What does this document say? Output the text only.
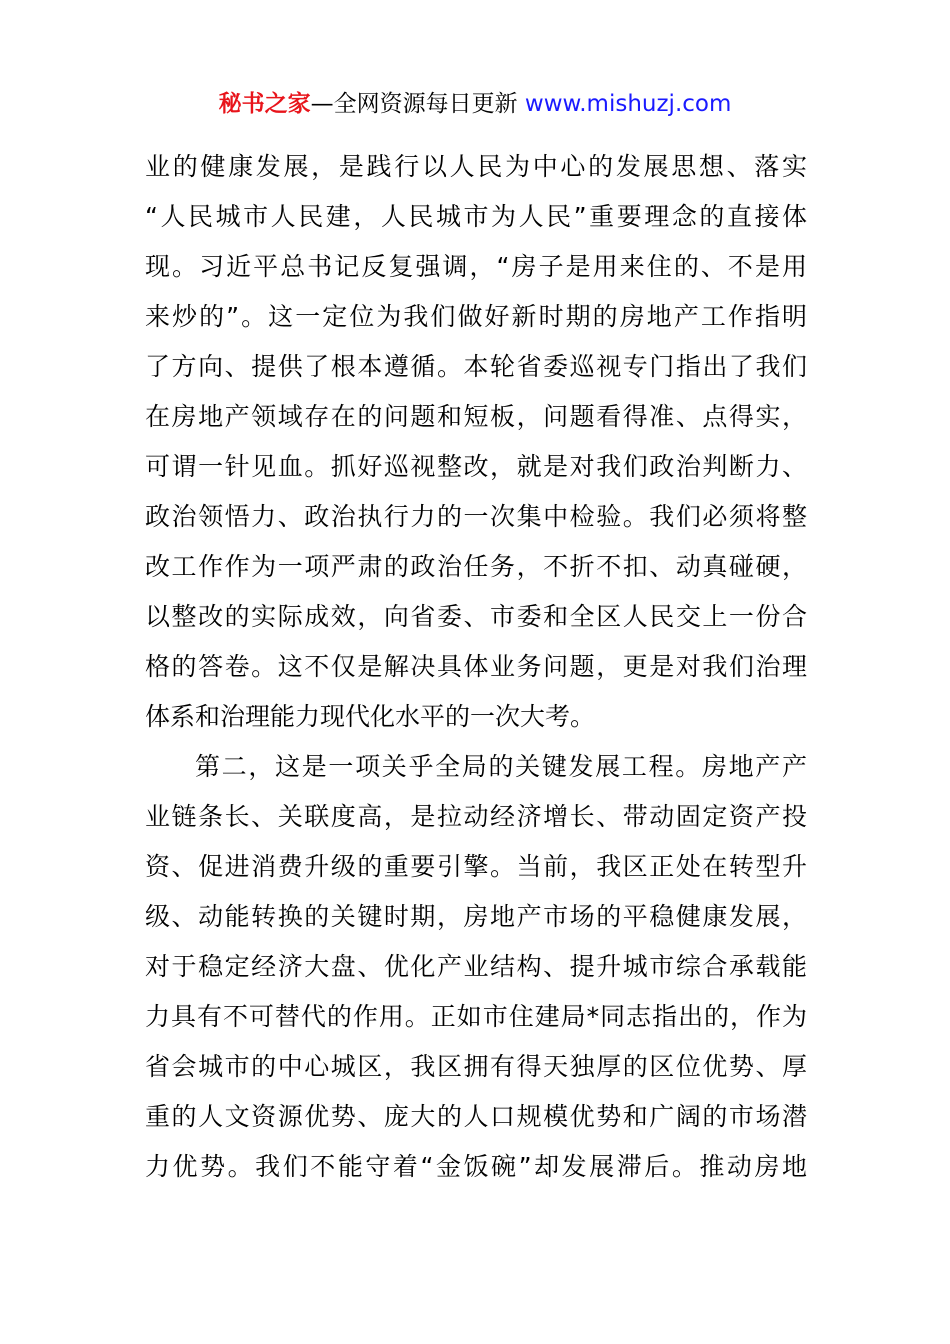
秘书之家—全网资源每日更新 www.mishuzj.com
业的健康发展，是践行以人民为中心的发展思想、落实
“人民城市人民建，人民城市为人民”重要理念的直接体
现。习近平总书记反复强调，“房子是用来住的、不是用
来炒的”。这一定位为我们做好新时期的房地产工作指明
了方向、提供了根本遵循。本轮省委巡视专门指出了我们
在房地产领域存在的问题和短板，问题看得准、点得实，
可谓一针见血。抓好巡视整改，就是对我们政治判断力、
政治领悟力、政治执行力的一次集中检验。我们必须将整
改工作作为一项严肃的政治任务，不折不扣、动真碰硬，
以整改的实际成效，向省委、市委和全区人民交上一份合
格的答卷。这不仅是解决具体业务问题，更是对我们治理
体系和治理能力现代化水平的一次大考。
第二，这是一项关乎全局的关键发展工程。房地产产
业链条长、关联度高，是拉动经济增长、带动固定资产投
资、促进消费升级的重要引擎。当前，我区正处在转型升
级、动能转换的关键时期，房地产市场的平稳健康发展，
对于稳定经济大盘、优化产业结构、提升城市综合承载能
力具有不可替代的作用。正如市住建局*同志指出的，作为
省会城市的中心城区，我区拥有得天独厚的区位优势、厚
重的人文资源优势、庞大的人口规模优势和广阔的市场潜
力优势。我们不能守着“金饭碗”却发展滞后。推动房地
